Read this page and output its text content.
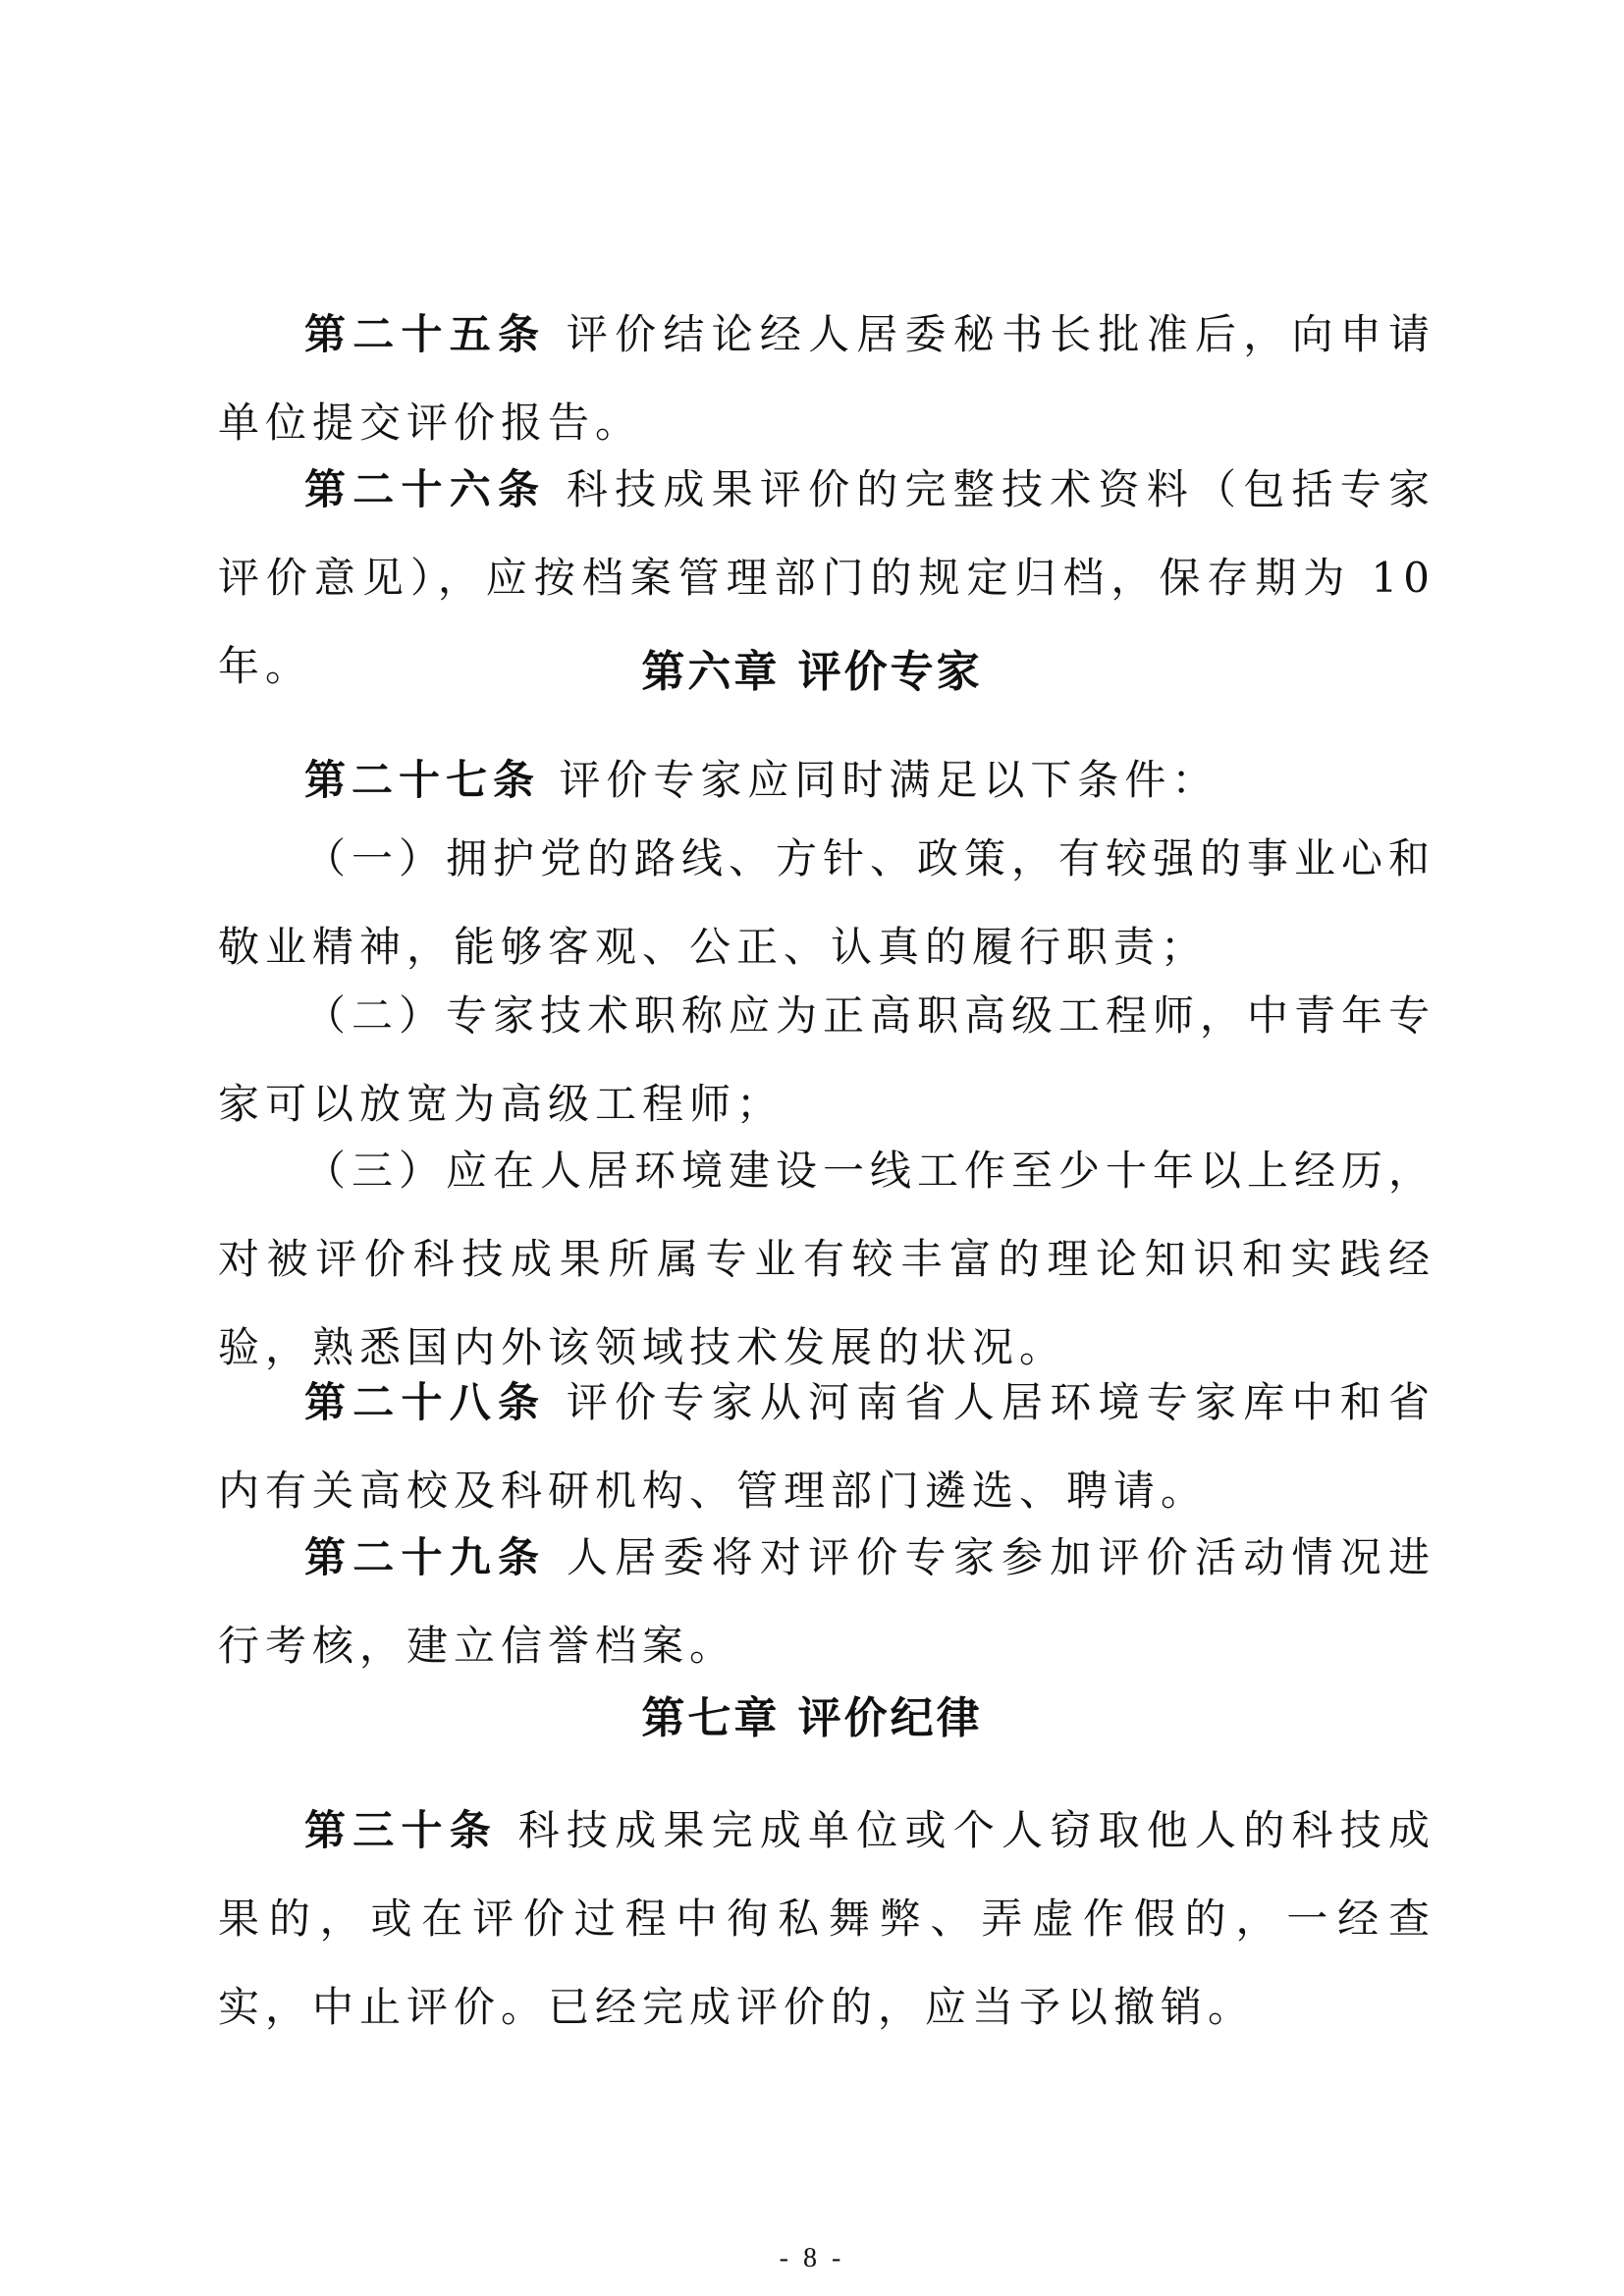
第二十五条 评价结论经人居委秘书长批准后，向申请单位提交评价报告。

第二十六条 科技成果评价的完整技术资料（包括专家评价意见），应按档案管理部门的规定归档，保存期为 10 年。	第六章 评价专家

第二十七条 评价专家应同时满足以下条件：

（一）拥护党的路线、方针、政策，有较强的事业心和敬业精神，能够客观、公正、认真的履行职责；

（二）专家技术职称应为正高职高级工程师，中青年专家可以放宽为高级工程师；

（三）应在人居环境建设一线工作至少十年以上经历，对被评价科技成果所属专业有较丰富的理论知识和实践经验，熟悉国内外该领域技术发展的状况。

第二十八条 评价专家从河南省人居环境专家库中和省内有关高校及科研机构、管理部门遴选、聘请。

第二十九条 人居委将对评价专家参加评价活动情况进行考核，建立信誉档案。

第七章 评价纪律

第三十条 科技成果完成单位或个人窃取他人的科技成果的，或在评价过程中徇私舞弊、弄虚作假的，一经查实，中止评价。已经完成评价的，应当予以撤销。

- 8 -
